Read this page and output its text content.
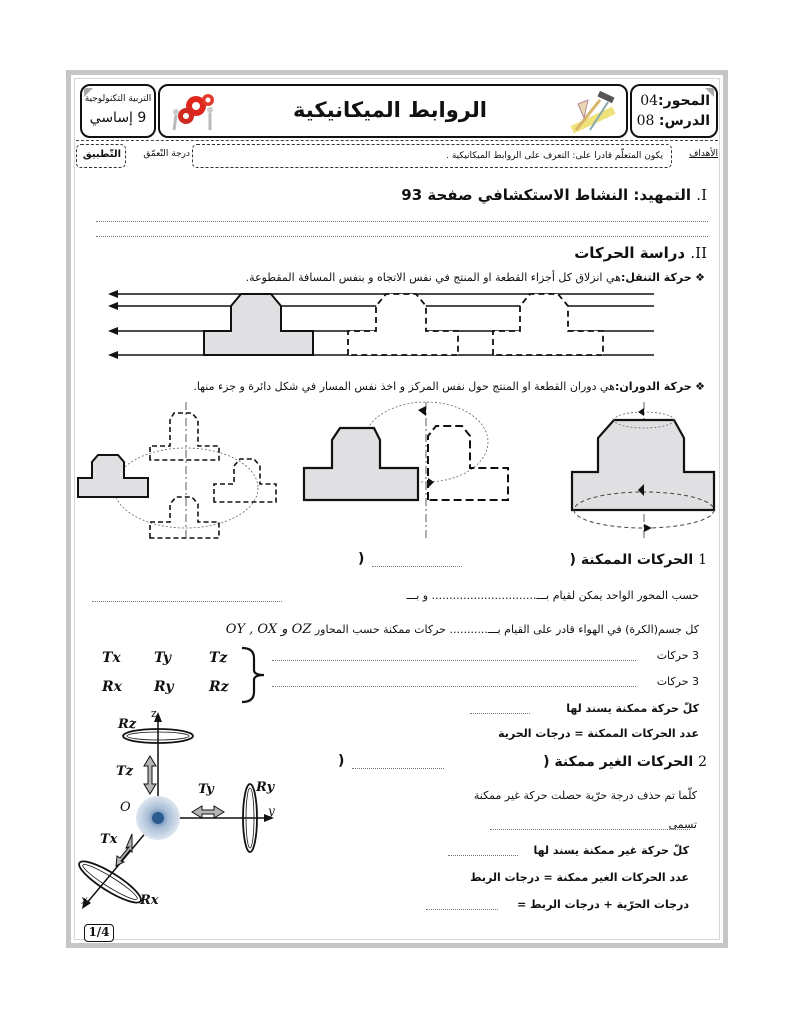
التربية التكنولوجية
9 إساسي	الروابط الميكانيكية	المحور:04
الدرس: 08
الأهداف
يكون المتعلّم قادرا على: التعرف على الروابط الميكانيكية .
درجة التّعمّق
التّطبيق
I. التمهيد: النشاط الاستكشافي صفحة 93
II. دراسة الحركات
❖ حركة التنقل:هي انزلاق كل أجزاء القطعة او المنتج في نفس الاتجاه و بنفس المسافة المقطوعة.
❖ حركة الدوران:هي دوران القطعة او المنتج حول نفس المركز و اخذ نفس المسار في شكل دائرة و جزء منها.
1 الحركات الممكنة (
)
حسب المحور الواحد يمكن لقيام بـــ.............................. و بـــ
كل جسم(الكرة) في الهواء قادر على القيام بـــ........... حركات ممكنة حسب المحاور OZ و OY , OX
Tx Ty	Tz
Rx Ry	Rz
3 حركات
3 حركات
كلّ حركة ممكنة يسند لها
عدد الحركات الممكنة = درجات الحرية
2 الحركات الغير ممكنة (
)
كلّما تم حذف درجة حرّية حصلت حركة غير ممكنة
تسمى
كلّ حركة غير ممكنة يسند لها
عدد الحركات الغير ممكنة = درجات الربط
درجات الحرّية + درجات الربط =
z
Rz
Tz
Ty	Ry
y
O
Tx
x	Rx
1/4
